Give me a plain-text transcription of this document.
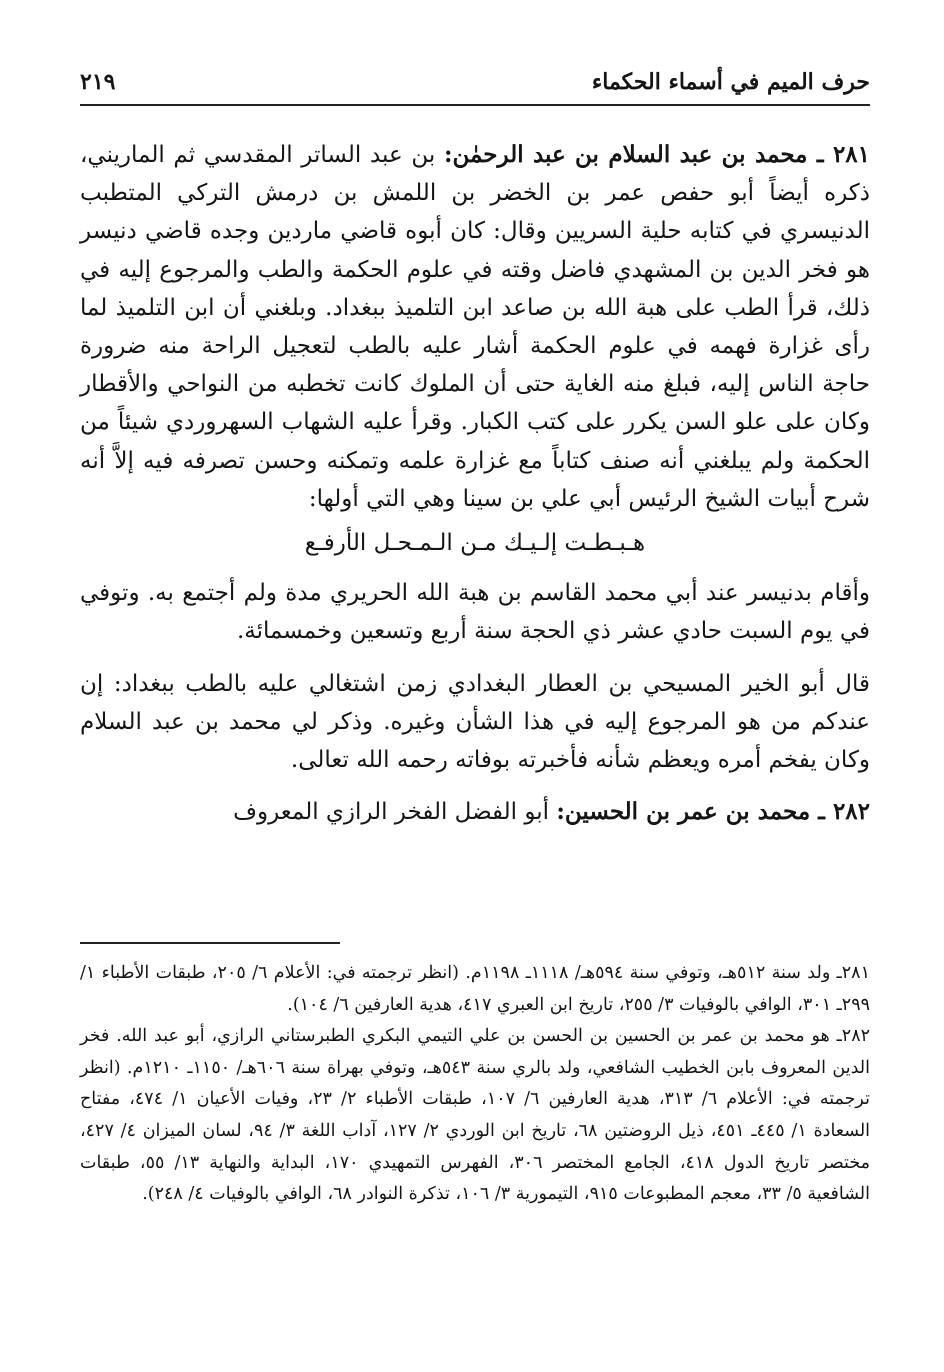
حرف الميم في أسماء الحكماء
٢١٩

٢٨١ ـ محمد بن عبد السلام بن عبد الرحمٰن: بن عبد الساتر المقدسي ثم الماريني، ذكره أيضاً أبو حفص عمر بن الخضر بن اللمش بن درمش التركي المتطبب الدنيسري في كتابه حلية السريين وقال: كان أبوه قاضي ماردين وجده قاضي دنيسر هو فخر الدين بن المشهدي فاضل وقته في علوم الحكمة والطب والمرجوع إليه في ذلك، قرأ الطب على هبة الله بن صاعد ابن التلميذ ببغداد. وبلغني أن ابن التلميذ لما رأى غزارة فهمه في علوم الحكمة أشار عليه بالطب لتعجيل الراحة منه ضرورة حاجة الناس إليه، فبلغ منه الغاية حتى أن الملوك كانت تخطبه من النواحي والأقطار وكان على علو السن يكرر على كتب الكبار. وقرأ عليه الشهاب السهروردي شيئاً من الحكمة ولم يبلغني أنه صنف كتاباً مع غزارة علمه وتمكنه وحسن تصرفه فيه إلاَّ أنه شرح أبيات الشيخ الرئيس أبي علي بن سينا وهي التي أولها:

هـبـطـت إلـيـك مـن الـمـحـل الأرفـع

وأقام بدنيسر عند أبي محمد القاسم بن هبة الله الحريري مدة ولم أجتمع به. وتوفي في يوم السبت حادي عشر ذي الحجة سنة أربع وتسعين وخمسمائة.

قال أبو الخير المسيحي بن العطار البغدادي زمن اشتغالي عليه بالطب ببغداد: إن عندكم من هو المرجوع إليه في هذا الشأن وغيره. وذكر لي محمد بن عبد السلام وكان يفخم أمره ويعظم شأنه فأخبرته بوفاته رحمه الله تعالى.

٢٨٢ ـ محمد بن عمر بن الحسين: أبو الفضل الفخر الرازي المعروف

٢٨١ـ ولد سنة ٥١٢هـ، وتوفي سنة ٥٩٤هـ/ ١١١٨ـ ١١٩٨م. (انظر ترجمته في: الأعلام ٦/ ٢٠٥، طبقات الأطباء ١/ ٢٩٩ـ ٣٠١، الوافي بالوفيات ٣/ ٢٥٥، تاريخ ابن العبري ٤١٧، هدية العارفين ٦/ ١٠٤).

٢٨٢ـ هو محمد بن عمر بن الحسين بن الحسن بن علي التيمي البكري الطبرستاني الرازي، أبو عبد الله. فخر الدين المعروف بابن الخطيب الشافعي، ولد بالري سنة ٥٤٣هـ، وتوفي بهراة سنة ٦٠٦هـ/ ١١٥٠ـ ١٢١٠م. (انظر ترجمته في: الأعلام ٦/ ٣١٣، هدية العارفين ٦/ ١٠٧، طبقات الأطباء ٢/ ٢٣، وفيات الأعيان ١/ ٤٧٤، مفتاح السعادة ١/ ٤٤٥ـ ٤٥١، ذيل الروضتين ٦٨، تاريخ ابن الوردي ٢/ ١٢٧، آداب اللغة ٣/ ٩٤، لسان الميزان ٤/ ٤٢٧، مختصر تاريخ الدول ٤١٨، الجامع المختصر ٣٠٦، الفهرس التمهيدي ١٧٠، البداية والنهاية ١٣/ ٥٥، طبقات الشافعية ٥/ ٣٣، معجم المطبوعات ٩١٥، التيمورية ٣/ ١٠٦، تذكرة النوادر ٦٨، الوافي بالوفيات ٤/ ٢٤٨).
